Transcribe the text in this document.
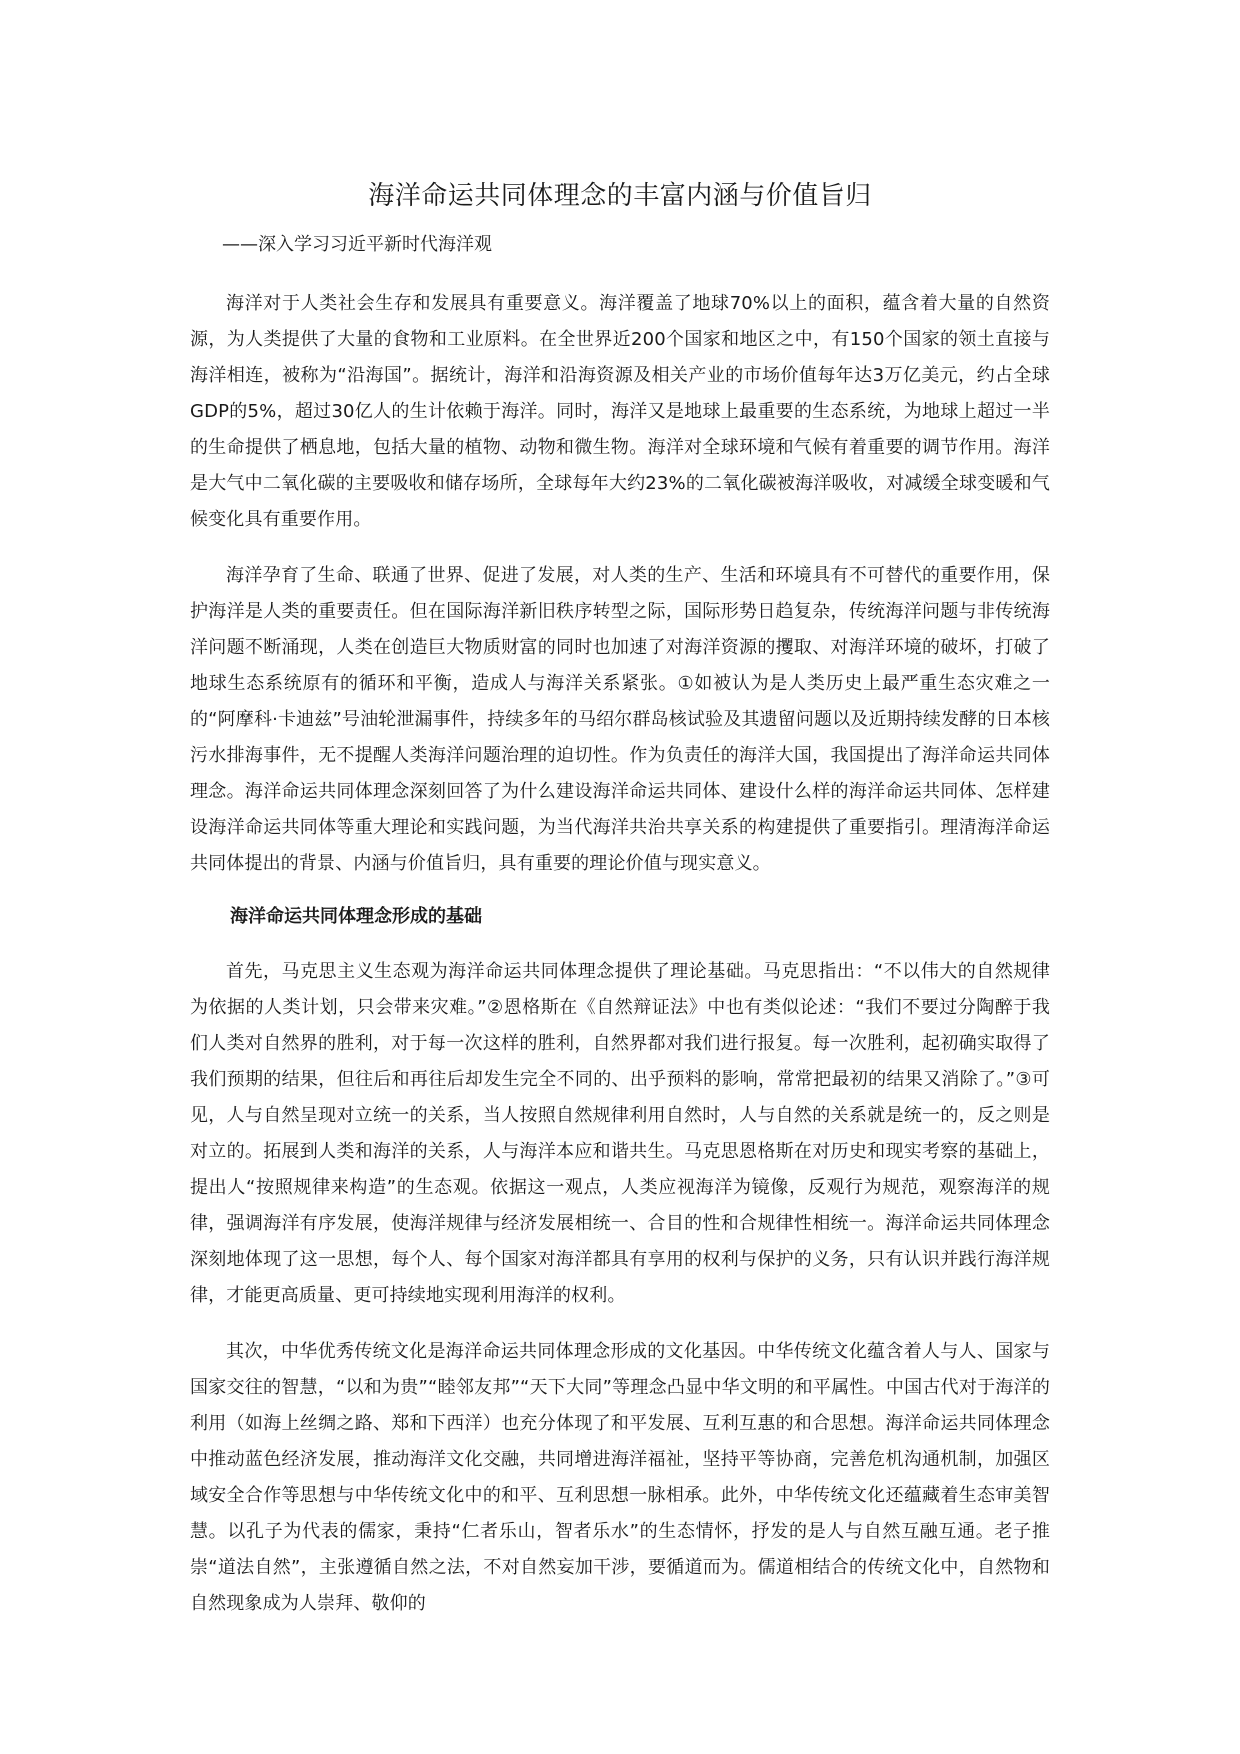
海洋命运共同体理念的丰富内涵与价值旨归
——深入学习习近平新时代海洋观

海洋对于人类社会生存和发展具有重要意义。海洋覆盖了地球70%以上的面积，蕴含着大量的自然资源，为人类提供了大量的食物和工业原料。在全世界近200个国家和地区之中，有150个国家的领土直接与海洋相连，被称为“沿海国”。据统计，海洋和沿海资源及相关产业的市场价值每年达3万亿美元，约占全球GDP的5%，超过30亿人的生计依赖于海洋。同时，海洋又是地球上最重要的生态系统，为地球上超过一半的生命提供了栖息地，包括大量的植物、动物和微生物。海洋对全球环境和气候有着重要的调节作用。海洋是大气中二氧化碳的主要吸收和储存场所，全球每年大约23%的二氧化碳被海洋吸收，对减缓全球变暖和气候变化具有重要作用。

海洋孕育了生命、联通了世界、促进了发展，对人类的生产、生活和环境具有不可替代的重要作用，保护海洋是人类的重要责任。但在国际海洋新旧秩序转型之际，国际形势日趋复杂，传统海洋问题与非传统海洋问题不断涌现，人类在创造巨大物质财富的同时也加速了对海洋资源的攫取、对海洋环境的破坏，打破了地球生态系统原有的循环和平衡，造成人与海洋关系紧张。①如被认为是人类历史上最严重生态灾难之一的“阿摩科·卡迪兹”号油轮泄漏事件，持续多年的马绍尔群岛核试验及其遗留问题以及近期持续发酵的日本核污水排海事件，无不提醒人类海洋问题治理的迫切性。作为负责任的海洋大国，我国提出了海洋命运共同体理念。海洋命运共同体理念深刻回答了为什么建设海洋命运共同体、建设什么样的海洋命运共同体、怎样建设海洋命运共同体等重大理论和实践问题，为当代海洋共治共享关系的构建提供了重要指引。理清海洋命运共同体提出的背景、内涵与价值旨归，具有重要的理论价值与现实意义。

海洋命运共同体理念形成的基础

首先，马克思主义生态观为海洋命运共同体理念提供了理论基础。马克思指出：“不以伟大的自然规律为依据的人类计划，只会带来灾难。”②恩格斯在《自然辩证法》中也有类似论述：“我们不要过分陶醉于我们人类对自然界的胜利，对于每一次这样的胜利，自然界都对我们进行报复。每一次胜利，起初确实取得了我们预期的结果，但往后和再往后却发生完全不同的、出乎预料的影响，常常把最初的结果又消除了。”③可见，人与自然呈现对立统一的关系，当人按照自然规律利用自然时，人与自然的关系就是统一的，反之则是对立的。拓展到人类和海洋的关系，人与海洋本应和谐共生。马克思恩格斯在对历史和现实考察的基础上，提出人“按照规律来构造”的生态观。依据这一观点，人类应视海洋为镜像，反观行为规范，观察海洋的规律，强调海洋有序发展，使海洋规律与经济发展相统一、合目的性和合规律性相统一。海洋命运共同体理念深刻地体现了这一思想，每个人、每个国家对海洋都具有享用的权利与保护的义务，只有认识并践行海洋规律，才能更高质量、更可持续地实现利用海洋的权利。

其次，中华优秀传统文化是海洋命运共同体理念形成的文化基因。中华传统文化蕴含着人与人、国家与国家交往的智慧，“以和为贵”“睦邻友邦”“天下大同”等理念凸显中华文明的和平属性。中国古代对于海洋的利用（如海上丝绸之路、郑和下西洋）也充分体现了和平发展、互利互惠的和合思想。海洋命运共同体理念中推动蓝色经济发展，推动海洋文化交融，共同增进海洋福祉，坚持平等协商，完善危机沟通机制，加强区域安全合作等思想与中华传统文化中的和平、互利思想一脉相承。此外，中华传统文化还蕴藏着生态审美智慧。以孔子为代表的儒家，秉持“仁者乐山，智者乐水”的生态情怀，抒发的是人与自然互融互通。老子推崇“道法自然”，主张遵循自然之法，不对自然妄加干涉，要循道而为。儒道相结合的传统文化中，自然物和自然现象成为人崇拜、敬仰的
